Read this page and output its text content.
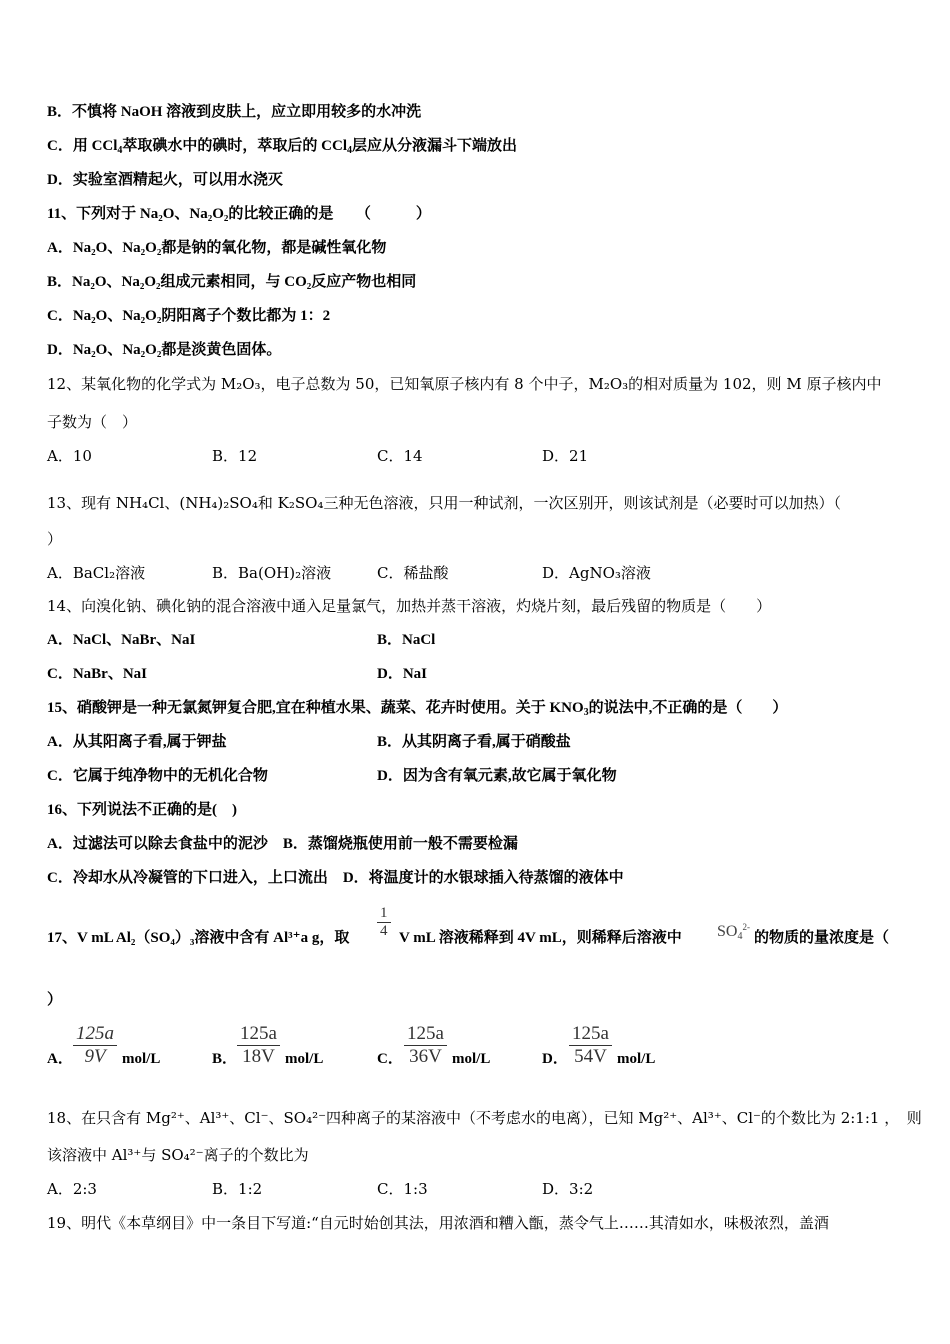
B．不慎将 NaOH 溶液到皮肤上，应立即用较多的水冲洗
C．用 CCl$_4$萃取碘水中的碘时，萃取后的 CCl$_4$层应从分液漏斗下端放出
D．实验室酒精起火，可以用水浇灭
11、下列对于 Na₂O、Na₂O₂的比较正确的是　　（　　　）
A．Na₂O、Na₂O₂都是钠的氧化物，都是碱性氧化物
B．Na₂O、Na₂O₂组成元素相同，与 CO₂反应产物也相同
C．Na₂O、Na₂O₂阴阳离子个数比都为 1：2
D．Na₂O、Na₂O₂都是淡黄色固体。
12、某氧化物的化学式为 M₂O₃，电子总数为 50，已知氧原子核内有 8 个中子，M₂O₃的相对质量为 102，则 M 原子核内中
子数为（　）
A．10	B．12	C．14	D．21
13、现有 NH₄Cl、(NH₄)₂SO₄和 K₂SO₄三种无色溶液，只用一种试剂，一次区别开，则该试剂是（必要时可以加热）（
）
A．BaCl₂溶液	B．Ba(OH)₂溶液	C．稀盐酸	D．AgNO₃溶液
14、向溴化钠、碘化钠的混合溶液中通入足量氯气，加热并蒸干溶液，灼烧片刻，最后残留的物质是（　　）
A．NaCl、NaBr、NaI	B．NaCl
C．NaBr、NaI	D．NaI
15、硝酸钾是一种无氯氮钾复合肥,宜在种植水果、蔬菜、花卉时使用。关于 $KNO_3$的说法中,不正确的是（　　）
A．从其阳离子看,属于钾盐	B．从其阴离子看,属于硝酸盐
C．它属于纯净物中的无机化合物	D．因为含有氧元素,故它属于氧化物
16、下列说法不正确的是(　)
A．过滤法可以除去食盐中的泥沙　B．蒸馏烧瓶使用前一般不需要检漏
C．冷却水从冷凝管的下口进入，上口流出　D．将温度计的水银球插入待蒸馏的液体中
17、V mL Al₂（SO₄）₃溶液中含有 Al³⁺a g，取 $\frac{1}{4}$ V mL 溶液稀释到 4V mL，则稀释后溶液中 $SO_4^{2-}$
的物质的量浓度是（
）
A． $\frac{125a}{9V} mol/L$	B． $\frac{125a}{18V} mol/L$	C． $\frac{125a}{36V} mol/L$	D． $\frac{125a}{54V} mol/L$
18、在只含有 Mg²⁺、Al³⁺、Cl⁻、SO₄²⁻四种离子的某溶液中（不考虑水的电离），已知 Mg²⁺、Al³⁺、Cl⁻的个数比为 2:1:1 ，　则
该溶液中 Al³⁺与 SO₄²⁻离子的个数比为
A．2:3	B．1:2	C．1:3	D．3:2
19、明代《本草纲目》中一条目下写道:“自元时始创其法，用浓酒和糟入甑，蒸令气上……其清如水，味极浓烈，盖酒
